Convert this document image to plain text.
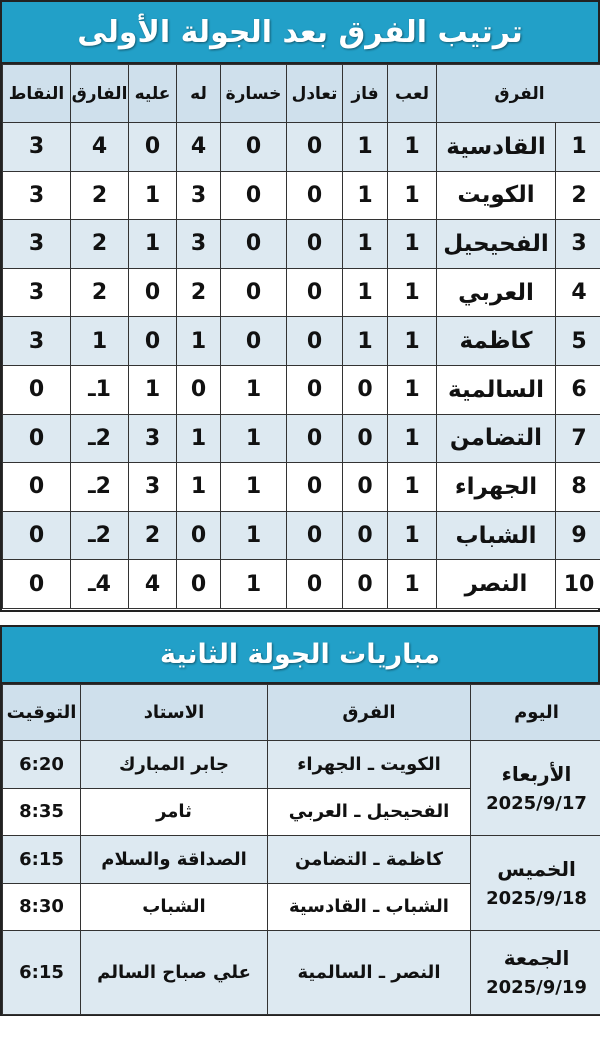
ترتيب الفرق بعد الجولة الأولى
الفرق		لعب	فاز	تعادل	خسارة	له	عليه	الفارق	النقاط
1	القادسية	1	1	0	0	4	0	4	3
2	الكويت	1	1	0	0	3	1	2	3
3	الفحيحيل	1	1	0	0	3	1	2	3
4	العربي	1	1	0	0	2	0	2	3
5	كاظمة	1	1	0	0	1	0	1	3
6	السالمية	1	0	0	1	0	1	1ـ	0
7	التضامن	1	0	0	1	1	3	2ـ	0
8	الجهراء	1	0	0	1	1	3	2ـ	0
9	الشباب	1	0	0	1	0	2	2ـ	0
10	النصر	1	0	0	1	0	4	4ـ	0
مباريات الجولة الثانية
اليوم	الفرق	الاستاد	التوقيت

الأربعاء
2025/9/17	الكويت ـ الجهراء	جابر المبارك	6:20
	الفحيحيل ـ العربي	ثامر	8:35

الخميس
2025/9/18	كاظمة ـ التضامن	الصداقة والسلام	6:15
	الشباب ـ القادسية	الشباب	8:30

الجمعة
2025/9/19	النصر ـ السالمية	علي صباح السالم	6:15
